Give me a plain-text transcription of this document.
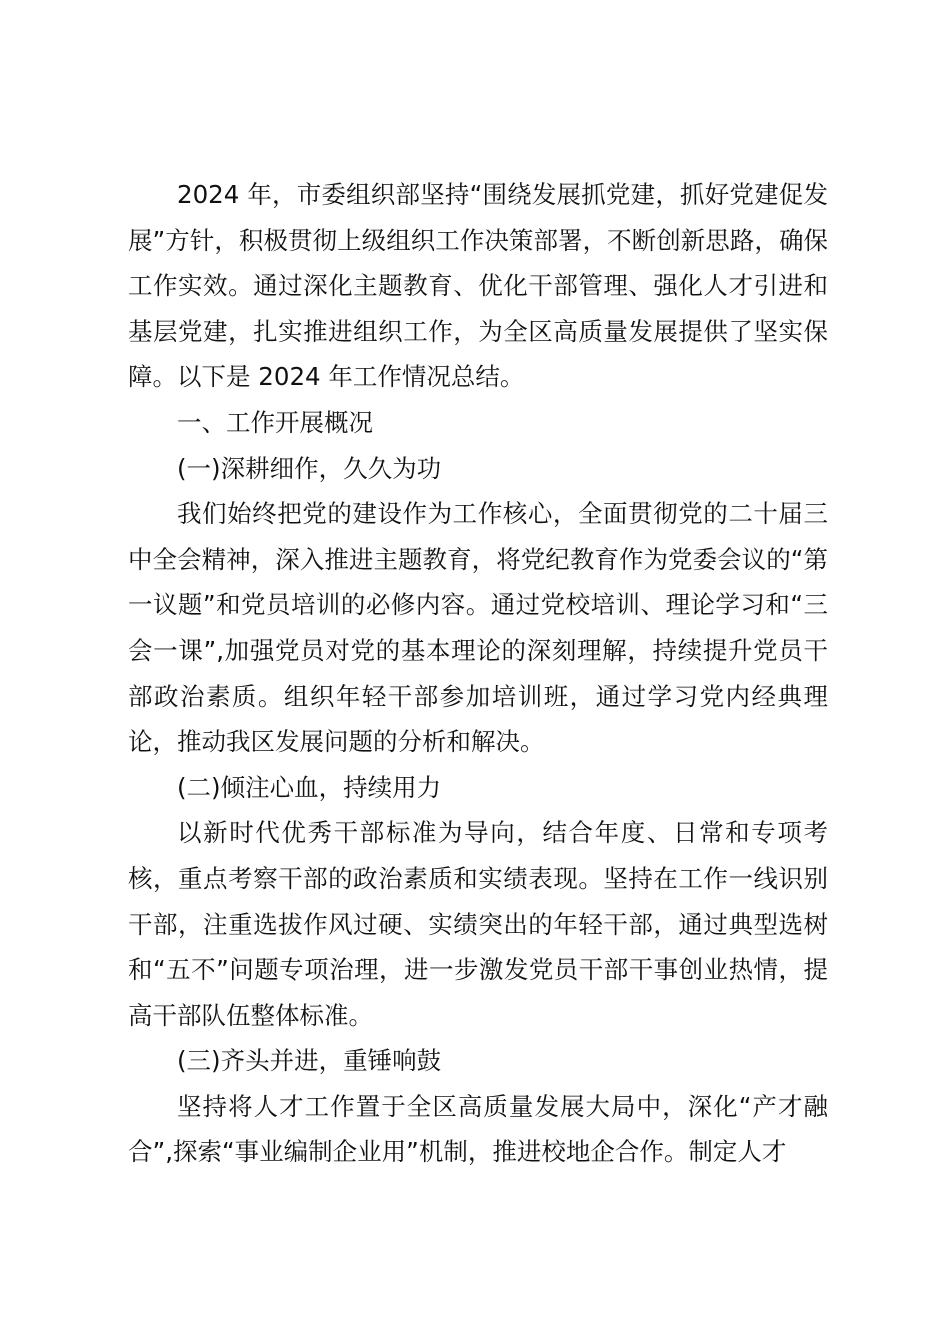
2024 年，市委组织部坚持“围绕发展抓党建，抓好党建促发展”方针，积极贯彻上级组织工作决策部署，不断创新思路，确保工作实效。通过深化主题教育、优化干部管理、强化人才引进和基层党建，扎实推进组织工作，为全区高质量发展提供了坚实保障。以下是 2024 年工作情况总结。

一、工作开展概况

(一)深耕细作，久久为功

我们始终把党的建设作为工作核心，全面贯彻党的二十届三中全会精神，深入推进主题教育，将党纪教育作为党委会议的“第一议题”和党员培训的必修内容。通过党校培训、理论学习和“三会一课”,加强党员对党的基本理论的深刻理解，持续提升党员干部政治素质。组织年轻干部参加培训班，通过学习党内经典理论，推动我区发展问题的分析和解决。

(二)倾注心血，持续用力

以新时代优秀干部标准为导向，结合年度、日常和专项考核，重点考察干部的政治素质和实绩表现。坚持在工作一线识别干部，注重选拔作风过硬、实绩突出的年轻干部，通过典型选树和“五不”问题专项治理，进一步激发党员干部干事创业热情，提高干部队伍整体标准。

(三)齐头并进，重锤响鼓

坚持将人才工作置于全区高质量发展大局中，深化“产才融合”,探索“事业编制企业用”机制，推进校地企合作。制定人才
